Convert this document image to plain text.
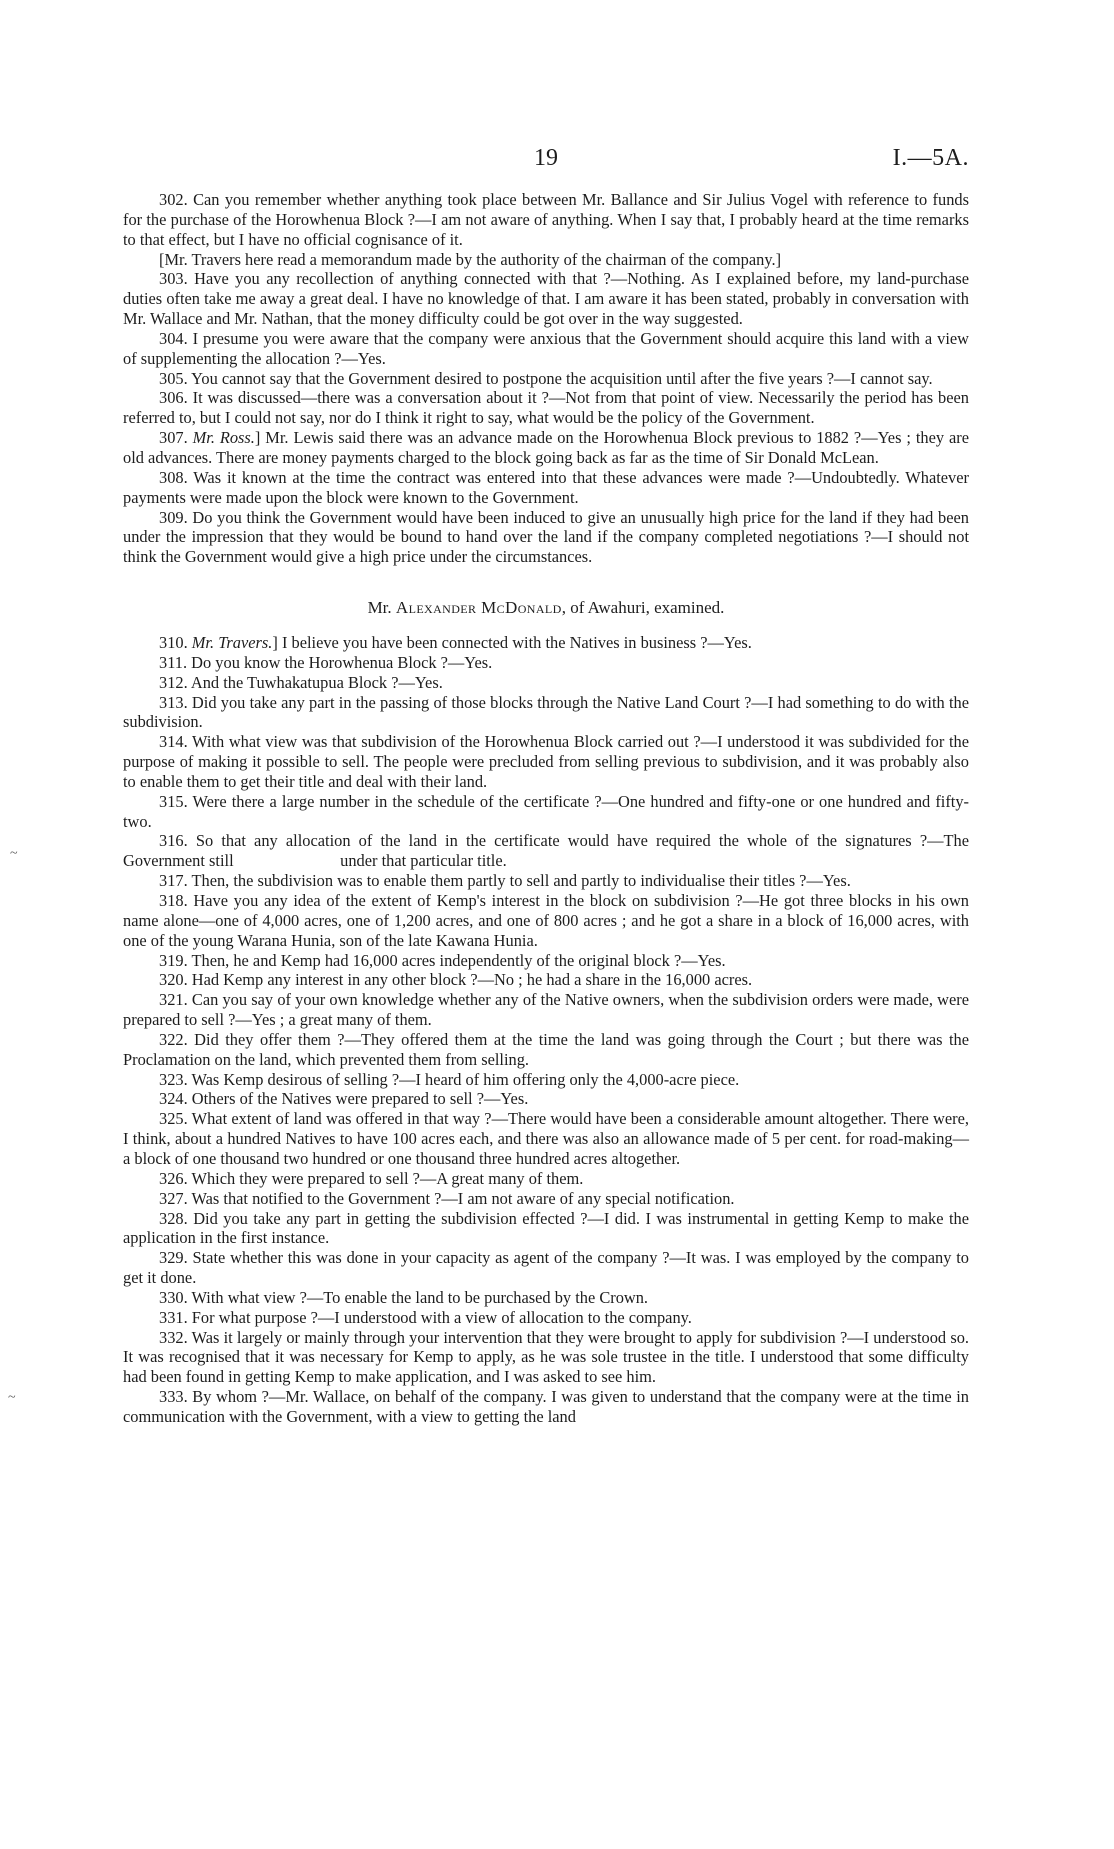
19	I.—5A.
~
~

302. Can you remember whether anything took place between Mr. Ballance and Sir Julius Vogel with reference to funds for the purchase of the Horowhenua Block ?—I am not aware of anything. When I say that, I probably heard at the time remarks to that effect, but I have no official cognisance of it.

[Mr. Travers here read a memorandum made by the authority of the chairman of the company.]

303. Have you any recollection of anything connected with that ?—Nothing. As I explained before, my land-purchase duties often take me away a great deal. I have no knowledge of that. I am aware it has been stated, probably in conversation with Mr. Wallace and Mr. Nathan, that the money difficulty could be got over in the way suggested.

304. I presume you were aware that the company were anxious that the Government should acquire this land with a view of supplementing the allocation ?—Yes.

305. You cannot say that the Government desired to postpone the acquisition until after the five years ?—I cannot say.

306. It was discussed—there was a conversation about it ?—Not from that point of view. Necessarily the period has been referred to, but I could not say, nor do I think it right to say, what would be the policy of the Government.

307. Mr. Ross.] Mr. Lewis said there was an advance made on the Horowhenua Block previous to 1882 ?—Yes ; they are old advances. There are money payments charged to the block going back as far as the time of Sir Donald McLean.

308. Was it known at the time the contract was entered into that these advances were made ?—Undoubtedly. Whatever payments were made upon the block were known to the Government.

309. Do you think the Government would have been induced to give an unusually high price for the land if they had been under the impression that they would be bound to hand over the land if the company completed negotiations ?—I should not think the Government would give a high price under the circumstances.

Mr. Alexander McDonald, of Awahuri, examined.

310. Mr. Travers.] I believe you have been connected with the Natives in business ?—Yes.

311. Do you know the Horowhenua Block ?—Yes.

312. And the Tuwhakatupua Block ?—Yes.

313. Did you take any part in the passing of those blocks through the Native Land Court ?—I had something to do with the subdivision.

314. With what view was that subdivision of the Horowhenua Block carried out ?—I understood it was subdivided for the purpose of making it possible to sell. The people were precluded from selling previous to subdivision, and it was probably also to enable them to get their title and deal with their land.

315. Were there a large number in the schedule of the certificate ?—One hundred and fifty-one or one hundred and fifty-two.

316. So that any allocation of the land in the certificate would have required the whole of the signatures ?—The Government still                          under that particular title.

317. Then, the subdivision was to enable them partly to sell and partly to individualise their titles ?—Yes.

318. Have you any idea of the extent of Kemp's interest in the block on subdivision ?—He got three blocks in his own name alone—one of 4,000 acres, one of 1,200 acres, and one of 800 acres ; and he got a share in a block of 16,000 acres, with one of the young Warana Hunia, son of the late Kawana Hunia.

319. Then, he and Kemp had 16,000 acres independently of the original block ?—Yes.

320. Had Kemp any interest in any other block ?—No ; he had a share in the 16,000 acres.

321. Can you say of your own knowledge whether any of the Native owners, when the subdivision orders were made, were prepared to sell ?—Yes ; a great many of them.

322. Did they offer them ?—They offered them at the time the land was going through the Court ; but there was the Proclamation on the land, which prevented them from selling.

323. Was Kemp desirous of selling ?—I heard of him offering only the 4,000-acre piece.

324. Others of the Natives were prepared to sell ?—Yes.

325. What extent of land was offered in that way ?—There would have been a considerable amount altogether. There were, I think, about a hundred Natives to have 100 acres each, and there was also an allowance made of 5 per cent. for road-making—a block of one thousand two hundred or one thousand three hundred acres altogether.

326. Which they were prepared to sell ?—A great many of them.

327. Was that notified to the Government ?—I am not aware of any special notification.

328. Did you take any part in getting the subdivision effected ?—I did. I was instrumental in getting Kemp to make the application in the first instance.

329. State whether this was done in your capacity as agent of the company ?—It was. I was employed by the company to get it done.

330. With what view ?—To enable the land to be purchased by the Crown.

331. For what purpose ?—I understood with a view of allocation to the company.

332. Was it largely or mainly through your intervention that they were brought to apply for subdivision ?—I understood so. It was recognised that it was necessary for Kemp to apply, as he was sole trustee in the title. I understood that some difficulty had been found in getting Kemp to make application, and I was asked to see him.

333. By whom ?—Mr. Wallace, on behalf of the company. I was given to understand that the company were at the time in communication with the Government, with a view to getting the land
